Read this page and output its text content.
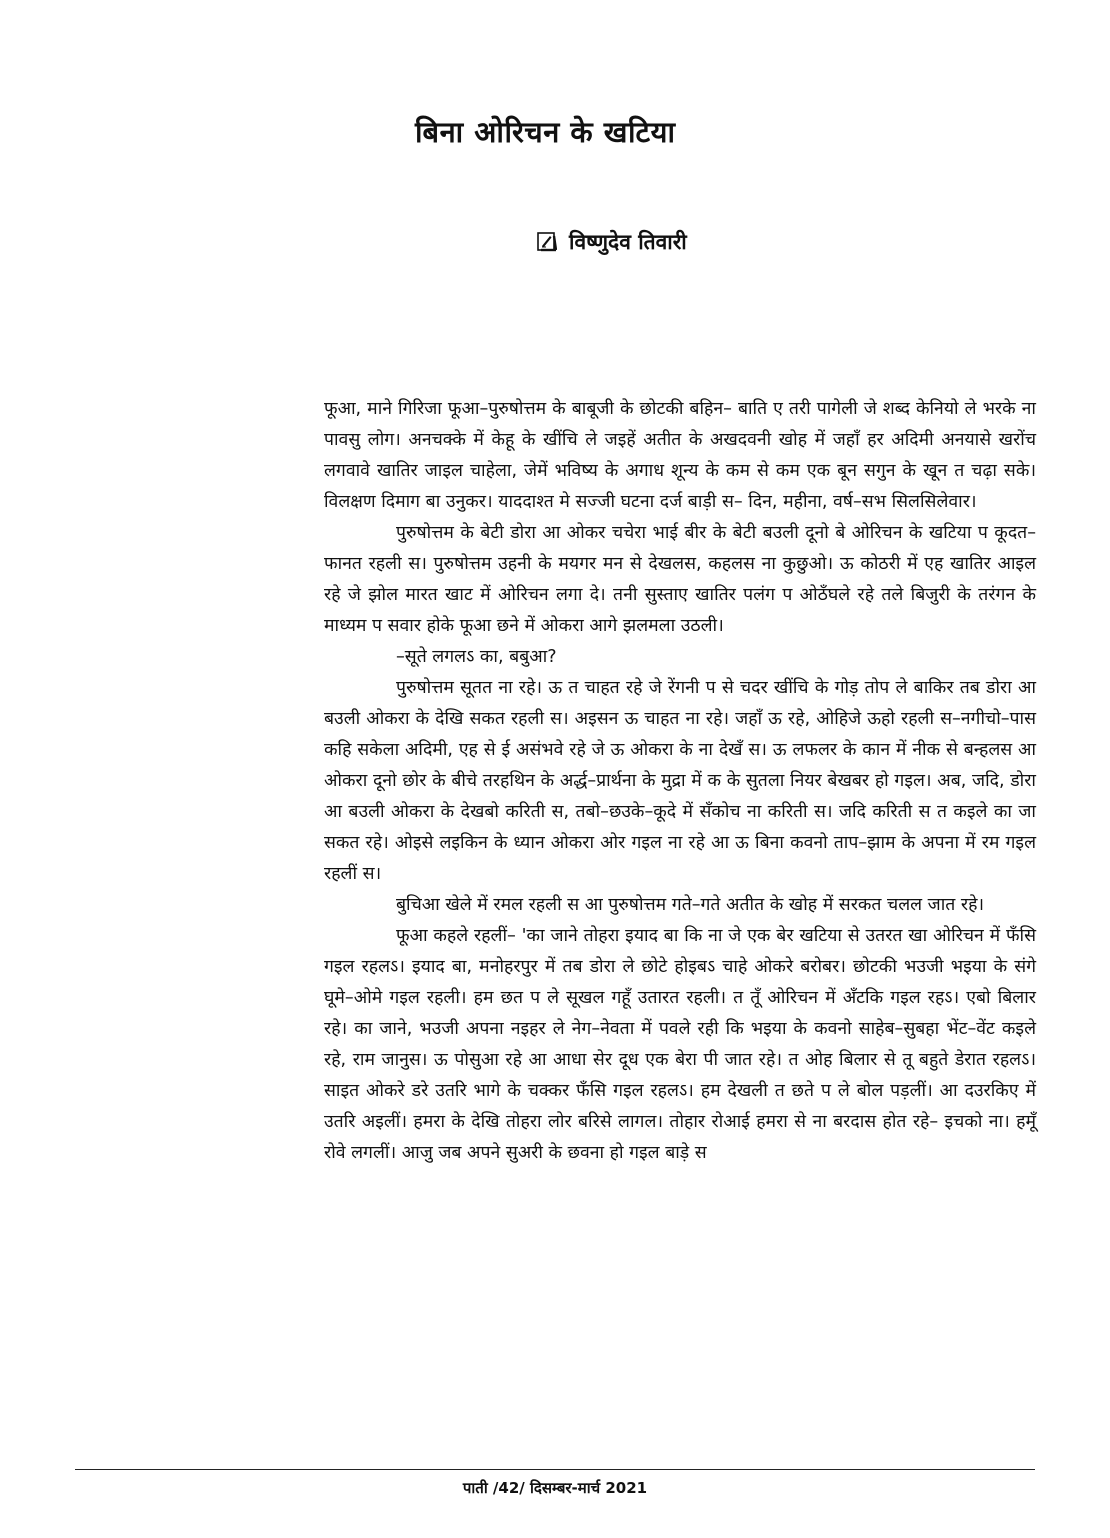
बिना ओरिचन के खटिया
विष्णुदेव तिवारी

फूआ, माने गिरिजा फूआ–पुरुषोत्तम के बाबूजी के छोटकी बहिन– बाति ए तरी पागेली जे शब्द केनियो ले भरके ना पावसु लोग। अनचक्के में केहू के खींचि ले जइहें अतीत के अखदवनी खोह में जहाँ हर अदिमी अनयासे खरोंच लगवावे खातिर जाइल चाहेला, जेमें भविष्य के अगाध शून्य के कम से कम एक बून सगुन के खून त चढ़ा सके। विलक्षण दिमाग बा उनुकर। याददाश्त मे सज्जी घटना दर्ज बाड़ी स– दिन, महीना, वर्ष–सभ सिलसिलेवार।

पुरुषोत्तम के बेटी डोरा आ ओकर चचेरा भाई बीर के बेटी बउली दूनो बे ओरिचन के खटिया प कूदत–फानत रहली स। पुरुषोत्तम उहनी के मयगर मन से देखलस, कहलस ना कुछुओ। ऊ कोठरी में एह खातिर आइल रहे जे झोल मारत खाट में ओरिचन लगा दे। तनी सुस्ताए खातिर पलंग प ओठँघले रहे तले बिजुरी के तरंगन के माध्यम प सवार होके फूआ छने में ओकरा आगे झलमला उठली।

–सूते लगलऽ का, बबुआ?

पुरुषोत्तम सूतत ना रहे। ऊ त चाहत रहे जे रेंगनी प से चदर खींचि के गोड़ तोप ले बाकिर तब डोरा आ बउली ओकरा के देखि सकत रहली स। अइसन ऊ चाहत ना रहे। जहाँ ऊ रहे, ओहिजे ऊहो रहली स–नगीचो–पास कहि सकेला अदिमी, एह से ई असंभवे रहे जे ऊ ओकरा के ना देखँ स। ऊ लफलर के कान में नीक से बन्हलस आ ओकरा दूनो छोर के बीचे तरहथिन के अर्द्ध–प्रार्थना के मुद्रा में क के सुतला नियर बेखबर हो गइल। अब, जदि, डोरा आ बउली ओकरा के देखबो करिती स, तबो–छउके–कूदे में सँकोच ना करिती स। जदि करिती स त कइले का जा सकत रहे। ओइसे लइकिन के ध्यान ओकरा ओर गइल ना रहे आ ऊ बिना कवनो ताप–झाम के अपना में रम गइल रहलीं स।

बुचिआ खेले में रमल रहली स आ पुरुषोत्तम गते–गते अतीत के खोह में सरकत चलल जात रहे।

फूआ कहले रहलीं– 'का जाने तोहरा इयाद बा कि ना जे एक बेर खटिया से उतरत खा ओरिचन में फँसि गइल रहलऽ। इयाद बा, मनोहरपुर में तब डोरा ले छोटे होइबऽ चाहे ओकरे बरोबर। छोटकी भउजी भइया के संगे घूमे–ओमे गइल रहली। हम छत प ले सूखल गहूँ उतारत रहली। त तूँ ओरिचन में अँटकि गइल रहऽ। एबो बिलार रहे। का जाने, भउजी अपना नइहर ले नेग–नेवता में पवले रही कि भइया के कवनो साहेब–सुबहा भेंट–वेंट कइले रहे, राम जानुस। ऊ पोसुआ रहे आ आधा सेर दूध एक बेरा पी जात रहे। त ओह बिलार से तू बहुते डेरात रहलऽ। साइत ओकरे डरे उतरि भागे के चक्कर फँसि गइल रहलऽ। हम देखली त छते प ले बोल पड़लीं। आ दउरकिए में उतरि अइलीं। हमरा के देखि तोहरा लोर बरिसे लागल। तोहार रोआई हमरा से ना बरदास होत रहे– इचको ना। हमूँ रोवे लगलीं। आजु जब अपने सुअरी के छवना हो गइल बाड़े स

पाती /42/ दिसम्बर-मार्च 2021
